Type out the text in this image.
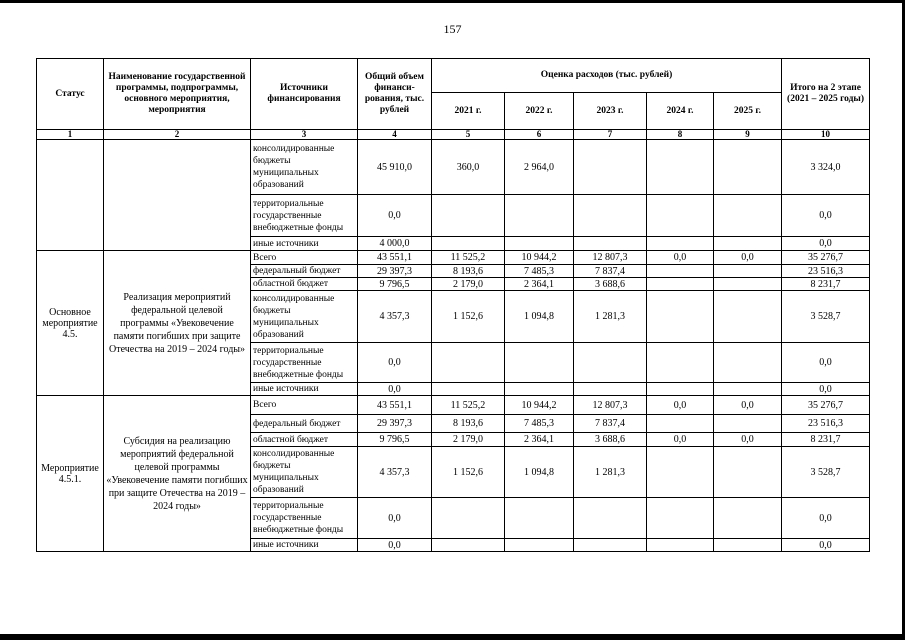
157
Статус	Наименование государственной программы, подпрограммы, основного мероприятия, мероприятия	Источники финансирования	Общий объем финанси-рования, тыс. рублей	Оценка расходов (тыс. рублей)					Итого на 2 этапе (2021 – 2025 годы)
				2021 г.	2022 г.	2023 г.	2024 г.	2025 г.	
1	2	3	4	5	6	7	8	9	10
		консолидированные бюджеты муниципальных образований	45 910,0	360,0	2 964,0				3 324,0
		территориальные государственные внебюджетные фонды	0,0						0,0
		иные источники	4 000,0						0,0
Основное мероприятие 4.5.	Реализация мероприятий федеральной целевой программы «Увековечение памяти погибших при защите Отечества на 2019 – 2024 годы»	Всего	43 551,1	11 525,2	10 944,2	12 807,3	0,0	0,0	35 276,7
		федеральный бюджет	29 397,3	8 193,6	7 485,3	7 837,4			23 516,3
		областной бюджет	9 796,5	2 179,0	2 364,1	3 688,6			8 231,7
		консолидированные бюджеты муниципальных образований	4 357,3	1 152,6	1 094,8	1 281,3			3 528,7
		территориальные государственные внебюджетные фонды	0,0						0,0
		иные источники	0,0						0,0
Мероприятие 4.5.1.	Субсидия на реализацию мероприятий федеральной целевой программы «Увековечение памяти погибших при защите Отечества на 2019 – 2024 годы»	Всего	43 551,1	11 525,2	10 944,2	12 807,3	0,0	0,0	35 276,7
		федеральный бюджет	29 397,3	8 193,6	7 485,3	7 837,4			23 516,3
		областной бюджет	9 796,5	2 179,0	2 364,1	3 688,6	0,0	0,0	8 231,7
		консолидированные бюджеты муниципальных образований	4 357,3	1 152,6	1 094,8	1 281,3			3 528,7
		территориальные государственные внебюджетные фонды	0,0						0,0
		иные источники	0,0						0,0
